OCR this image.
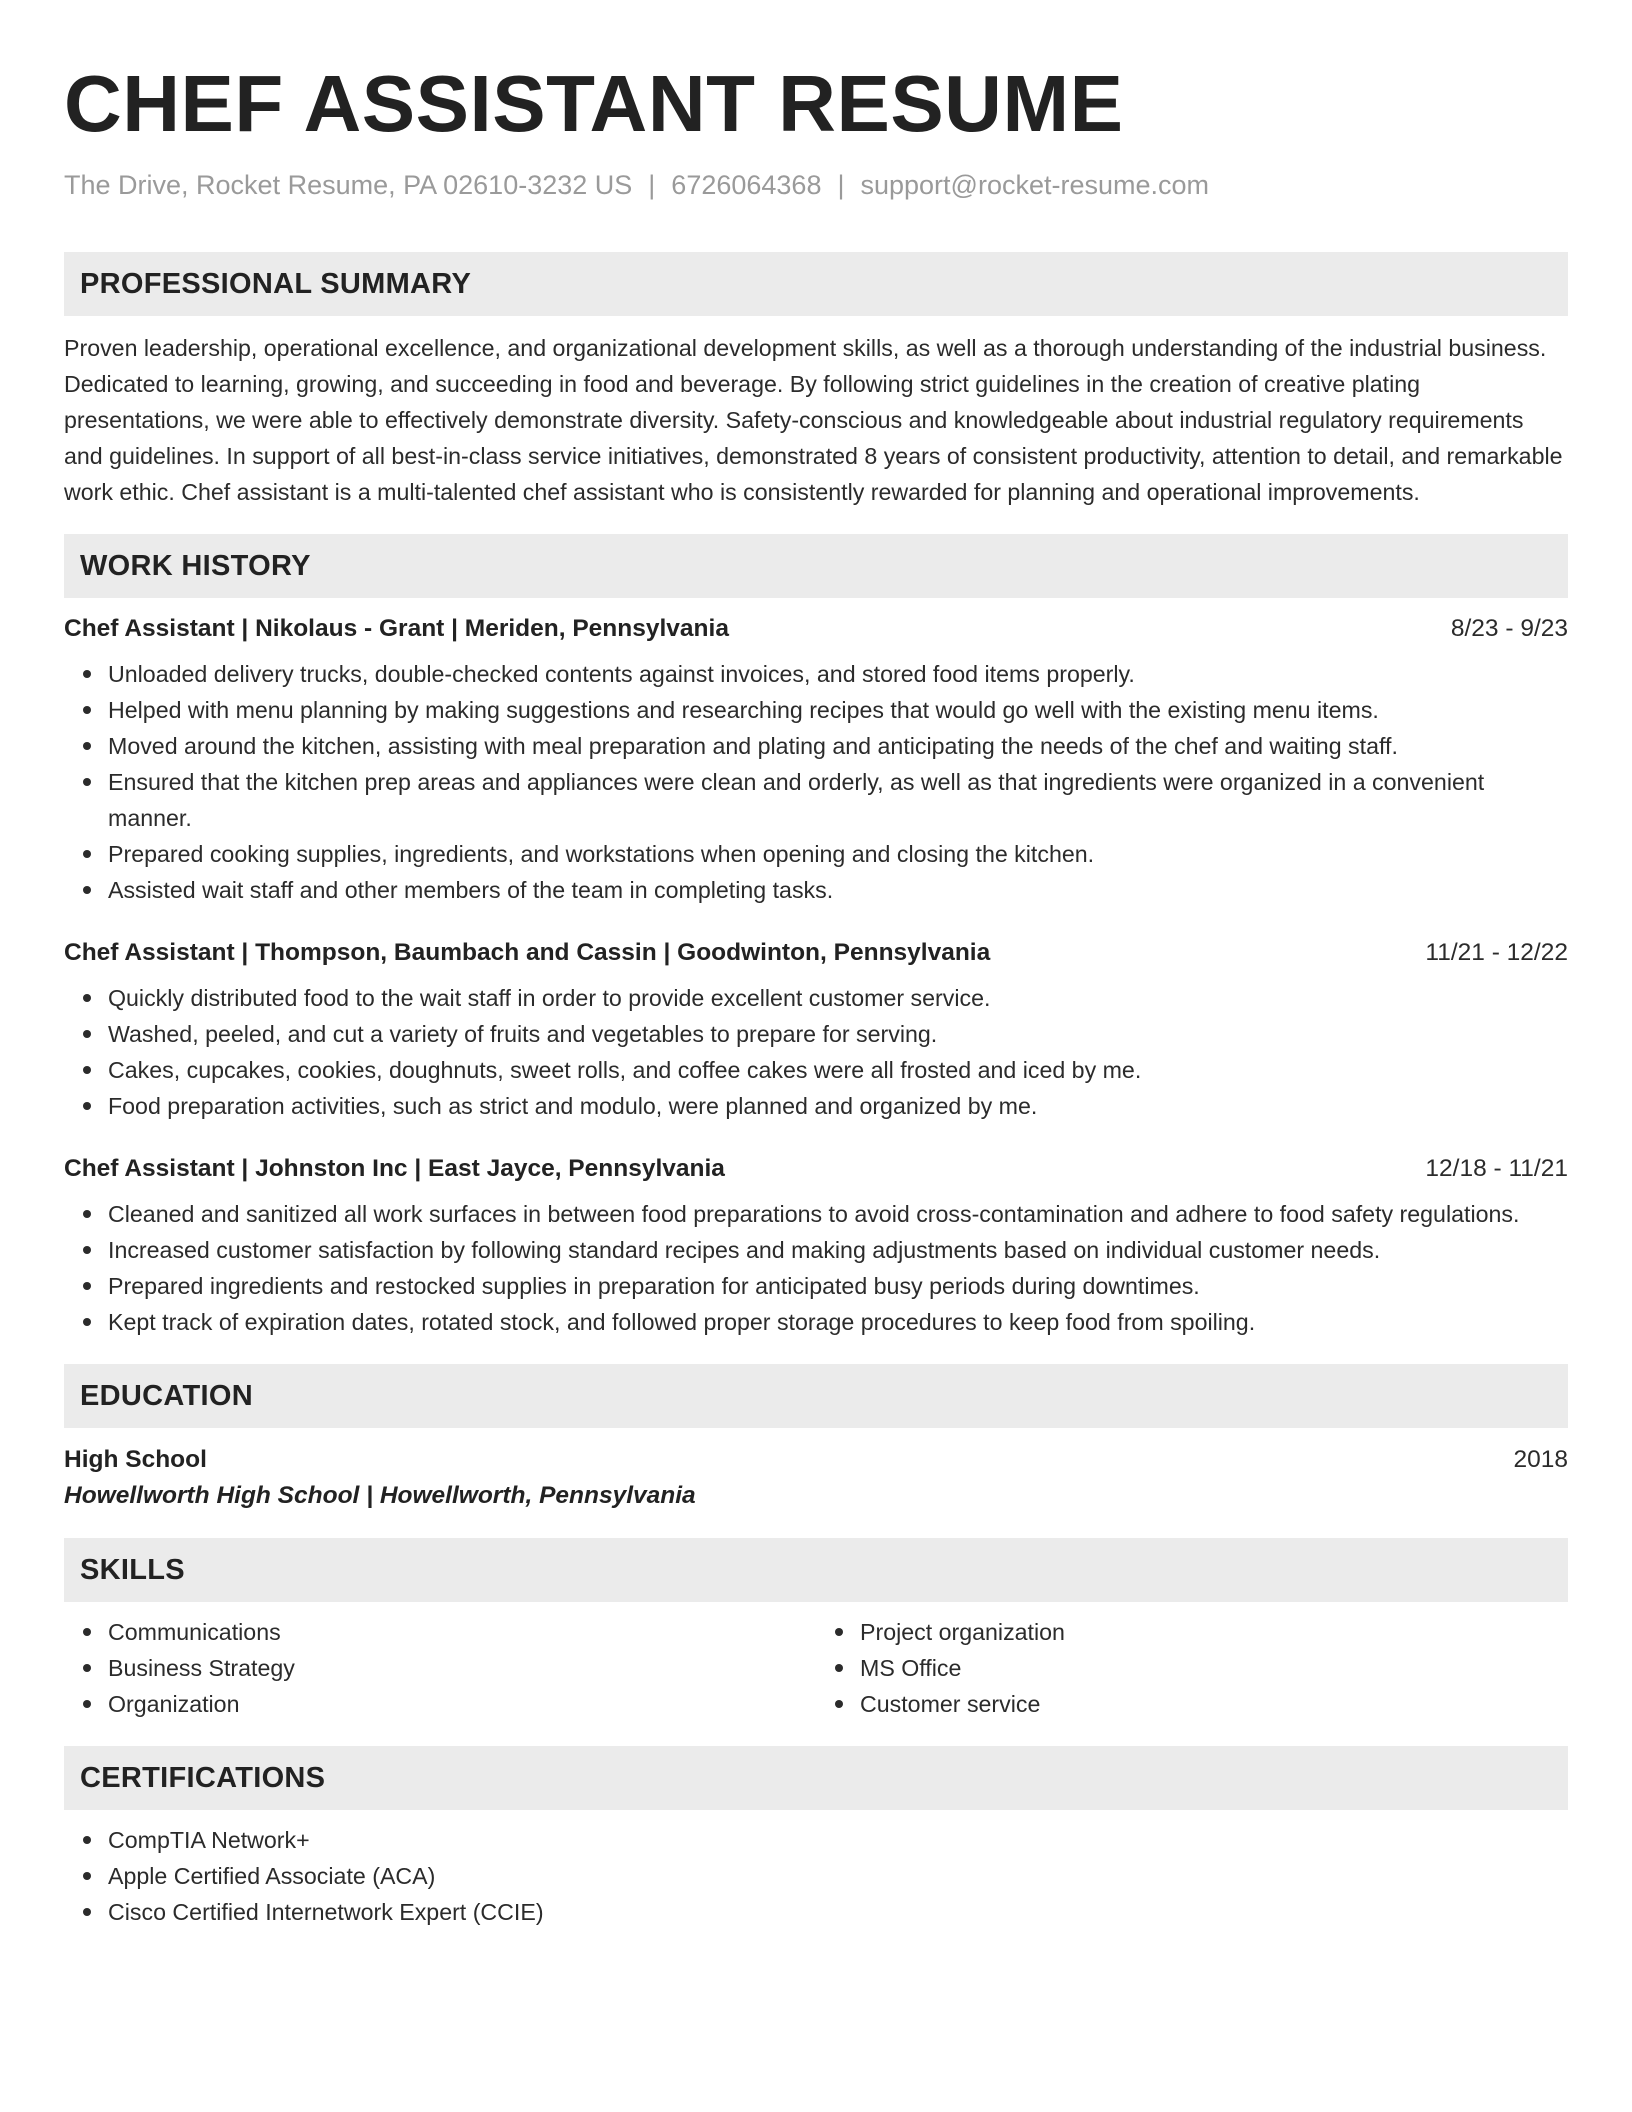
CHEF ASSISTANT RESUME
The Drive, Rocket Resume, PA 02610-3232 US | 6726064368 | support@rocket-resume.com
PROFESSIONAL SUMMARY
Proven leadership, operational excellence, and organizational development skills, as well as a thorough understanding of the industrial business. Dedicated to learning, growing, and succeeding in food and beverage. By following strict guidelines in the creation of creative plating presentations, we were able to effectively demonstrate diversity. Safety-conscious and knowledgeable about industrial regulatory requirements and guidelines. In support of all best-in-class service initiatives, demonstrated 8 years of consistent productivity, attention to detail, and remarkable work ethic. Chef assistant is a multi-talented chef assistant who is consistently rewarded for planning and operational improvements.
WORK HISTORY
Chef Assistant | Nikolaus - Grant | Meriden, Pennsylvania	8/23 - 9/23
Unloaded delivery trucks, double-checked contents against invoices, and stored food items properly.
Helped with menu planning by making suggestions and researching recipes that would go well with the existing menu items.
Moved around the kitchen, assisting with meal preparation and plating and anticipating the needs of the chef and waiting staff.
Ensured that the kitchen prep areas and appliances were clean and orderly, as well as that ingredients were organized in a convenient manner.
Prepared cooking supplies, ingredients, and workstations when opening and closing the kitchen.
Assisted wait staff and other members of the team in completing tasks.
Chef Assistant | Thompson, Baumbach and Cassin | Goodwinton, Pennsylvania	11/21 - 12/22
Quickly distributed food to the wait staff in order to provide excellent customer service.
Washed, peeled, and cut a variety of fruits and vegetables to prepare for serving.
Cakes, cupcakes, cookies, doughnuts, sweet rolls, and coffee cakes were all frosted and iced by me.
Food preparation activities, such as strict and modulo, were planned and organized by me.
Chef Assistant | Johnston Inc | East Jayce, Pennsylvania	12/18 - 11/21
Cleaned and sanitized all work surfaces in between food preparations to avoid cross-contamination and adhere to food safety regulations.
Increased customer satisfaction by following standard recipes and making adjustments based on individual customer needs.
Prepared ingredients and restocked supplies in preparation for anticipated busy periods during downtimes.
Kept track of expiration dates, rotated stock, and followed proper storage procedures to keep food from spoiling.
EDUCATION
High School	2018
Howellworth High School | Howellworth, Pennsylvania
SKILLS
Communications
Business Strategy
Organization
Project organization
MS Office
Customer service
CERTIFICATIONS
CompTIA Network+
Apple Certified Associate (ACA)
Cisco Certified Internetwork Expert (CCIE)
